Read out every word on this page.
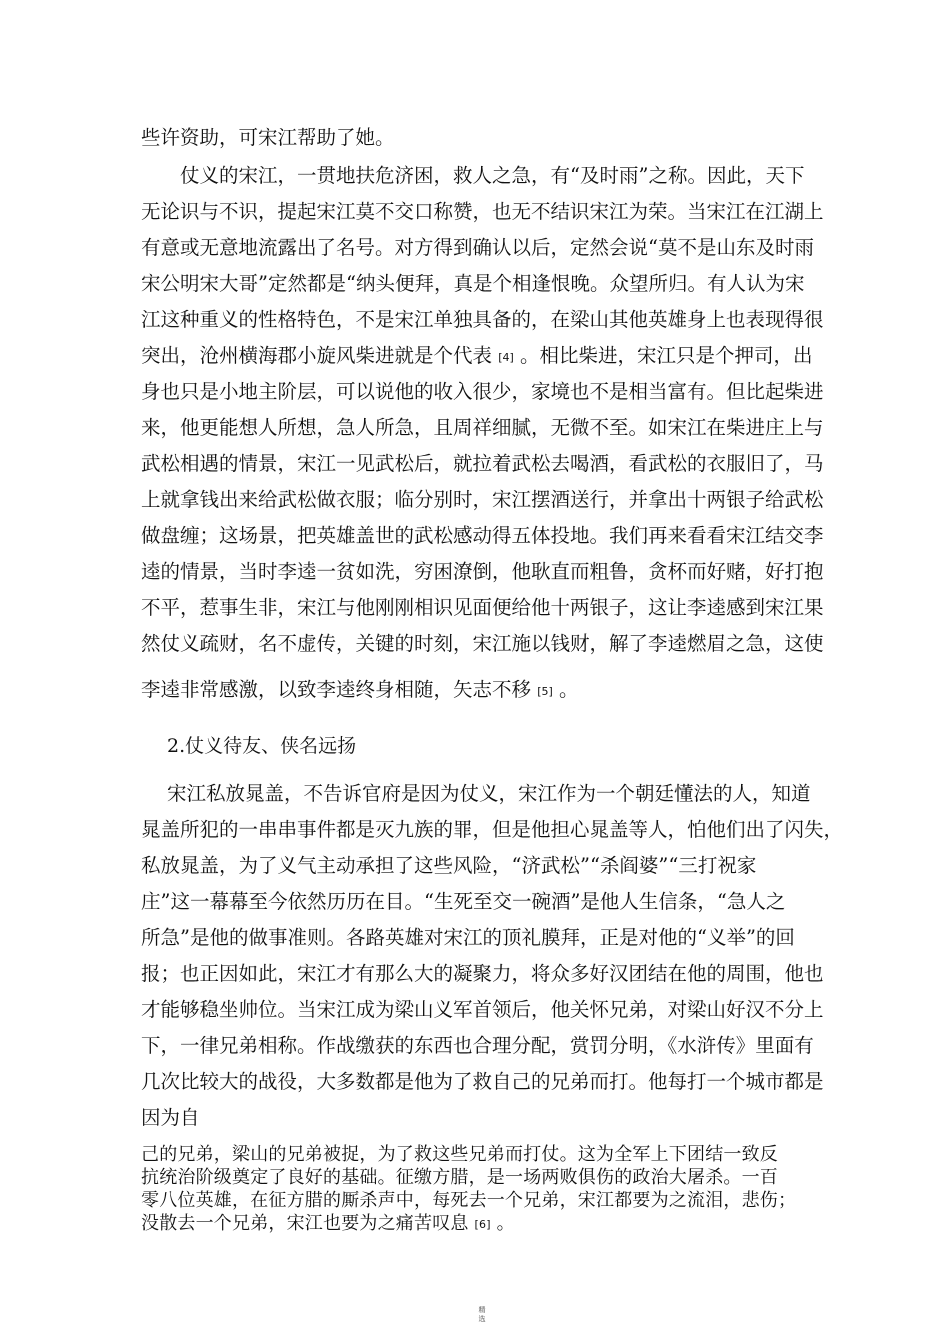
些许资助，可宋江帮助了她。
仗义的宋江，一贯地扶危济困，救人之急，有“及时雨”之称。因此，天下
无论识与不识，提起宋江莫不交口称赞，也无不结识宋江为荣。当宋江在江湖上
有意或无意地流露出了名号。对方得到确认以后，定然会说“莫不是山东及时雨
宋公明宋大哥”定然都是“纳头便拜，真是个相逢恨晚。众望所归。有人认为宋
江这种重义的性格特色，不是宋江单独具备的，在梁山其他英雄身上也表现得很
突出，沧州横海郡小旋风柴进就是个代表 [4] 。相比柴进，宋江只是个押司，出
身也只是小地主阶层，可以说他的收入很少，家境也不是相当富有。但比起柴进
来，他更能想人所想，急人所急，且周祥细腻，无微不至。如宋江在柴进庄上与
武松相遇的情景，宋江一见武松后，就拉着武松去喝酒，看武松的衣服旧了，马
上就拿钱出来给武松做衣服；临分别时，宋江摆酒送行，并拿出十两银子给武松
做盘缠；这场景，把英雄盖世的武松感动得五体投地。我们再来看看宋江结交李
逵的情景，当时李逵一贫如洗，穷困潦倒，他耿直而粗鲁，贪杯而好赌，好打抱
不平，惹事生非，宋江与他刚刚相识见面便给他十两银子，这让李逵感到宋江果
然仗义疏财，名不虚传，关键的时刻，宋江施以钱财，解了李逵燃眉之急，这使
李逵非常感激，以致李逵终身相随，矢志不移 [5] 。
2.仗义待友、侠名远扬
宋江私放晁盖，不告诉官府是因为仗义，宋江作为一个朝廷懂法的人，知道
晁盖所犯的一串串事件都是灭九族的罪，但是他担心晁盖等人，怕他们出了闪失，
私放晁盖，为了义气主动承担了这些风险，“济武松”“杀阎婆”“三打祝家
庄”这一幕幕至今依然历历在目。“生死至交一碗酒”是他人生信条，“急人之
所急”是他的做事准则。各路英雄对宋江的顶礼膜拜，正是对他的“义举”的回
报；也正因如此，宋江才有那么大的凝聚力，将众多好汉团结在他的周围，他也
才能够稳坐帅位。当宋江成为梁山义军首领后，他关怀兄弟，对梁山好汉不分上
下，一律兄弟相称。作战缴获的东西也合理分配，赏罚分明，《水浒传》里面有
几次比较大的战役，大多数都是他为了救自己的兄弟而打。他每打一个城市都是
因为自
己的兄弟，梁山的兄弟被捉，为了救这些兄弟而打仗。这为全军上下团结一致反
抗统治阶级奠定了良好的基础。征缴方腊，是一场两败俱伤的政治大屠杀。一百
零八位英雄，在征方腊的厮杀声中，每死去一个兄弟，宋江都要为之流泪，悲伤；
没散去一个兄弟，宋江也要为之痛苦叹息 [6] 。
精选
